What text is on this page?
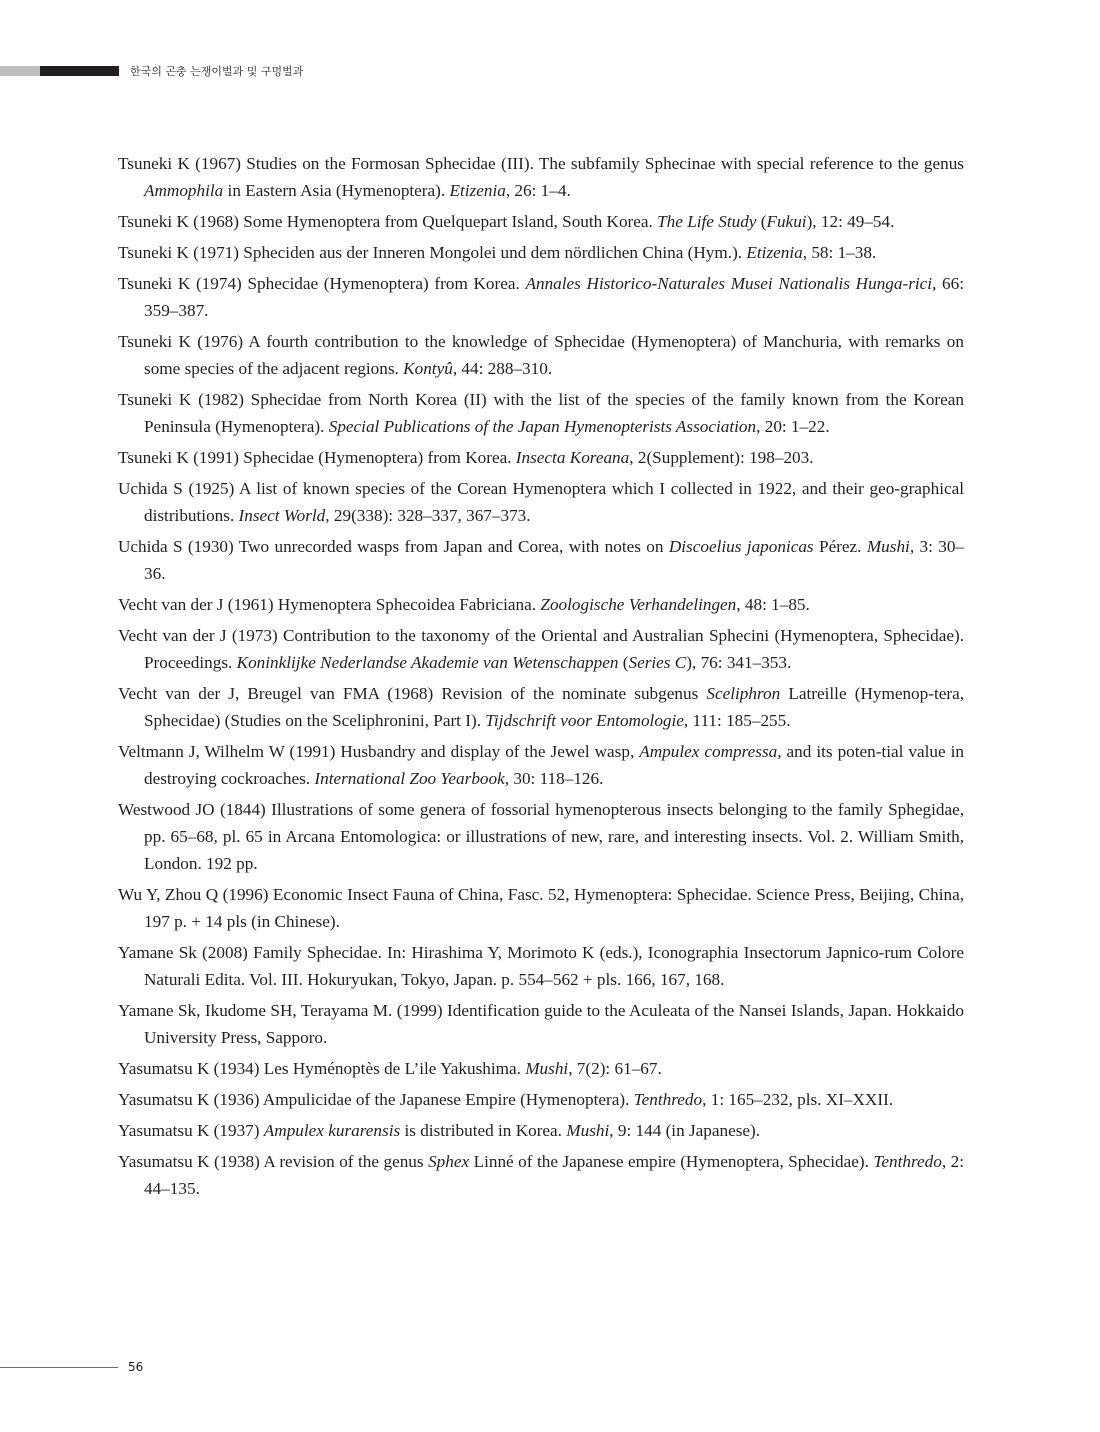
한국의 곤충 는쟁이벌과 및 구멍벌과

Tsuneki K (1967) Studies on the Formosan Sphecidae (III). The subfamily Sphecinae with special reference to the genus Ammophila in Eastern Asia (Hymenoptera). Etizenia, 26: 1–4.

Tsuneki K (1968) Some Hymenoptera from Quelquepart Island, South Korea. The Life Study (Fukui), 12: 49–54.

Tsuneki K (1971) Spheciden aus der Inneren Mongolei und dem nördlichen China (Hym.). Etizenia, 58: 1–38.

Tsuneki K (1974) Sphecidae (Hymenoptera) from Korea. Annales Historico-Naturales Musei Nationalis Hunga-rici, 66: 359–387.

Tsuneki K (1976) A fourth contribution to the knowledge of Sphecidae (Hymenoptera) of Manchuria, with remarks on some species of the adjacent regions. Kontyû, 44: 288–310.

Tsuneki K (1982) Sphecidae from North Korea (II) with the list of the species of the family known from the Korean Peninsula (Hymenoptera). Special Publications of the Japan Hymenopterists Association, 20: 1–22.

Tsuneki K (1991) Sphecidae (Hymenoptera) from Korea. Insecta Koreana, 2(Supplement): 198–203.

Uchida S (1925) A list of known species of the Corean Hymenoptera which I collected in 1922, and their geo-graphical distributions. Insect World, 29(338): 328–337, 367–373.

Uchida S (1930) Two unrecorded wasps from Japan and Corea, with notes on Discoelius japonicas Pérez. Mushi, 3: 30–36.

Vecht van der J (1961) Hymenoptera Sphecoidea Fabriciana. Zoologische Verhandelingen, 48: 1–85.

Vecht van der J (1973) Contribution to the taxonomy of the Oriental and Australian Sphecini (Hymenoptera, Sphecidae). Proceedings. Koninklijke Nederlandse Akademie van Wetenschappen (Series C), 76: 341–353.

Vecht van der J, Breugel van FMA (1968) Revision of the nominate subgenus Sceliphron Latreille (Hymenop-tera, Sphecidae) (Studies on the Sceliphronini, Part I). Tijdschrift voor Entomologie, 111: 185–255.

Veltmann J, Wilhelm W (1991) Husbandry and display of the Jewel wasp, Ampulex compressa, and its poten-tial value in destroying cockroaches. International Zoo Yearbook, 30: 118–126.

Westwood JO (1844) Illustrations of some genera of fossorial hymenopterous insects belonging to the family Sphegidae, pp. 65–68, pl. 65 in Arcana Entomologica: or illustrations of new, rare, and interesting insects. Vol. 2. William Smith, London. 192 pp.

Wu Y, Zhou Q (1996) Economic Insect Fauna of China, Fasc. 52, Hymenoptera: Sphecidae. Science Press, Beijing, China, 197 p. + 14 pls (in Chinese).

Yamane Sk (2008) Family Sphecidae. In: Hirashima Y, Morimoto K (eds.), Iconographia Insectorum Japnico-rum Colore Naturali Edita. Vol. III. Hokuryukan, Tokyo, Japan. p. 554–562 + pls. 166, 167, 168.

Yamane Sk, Ikudome SH, Terayama M. (1999) Identification guide to the Aculeata of the Nansei Islands, Japan. Hokkaido University Press, Sapporo.

Yasumatsu K (1934) Les Hyménoptès de L’ile Yakushima. Mushi, 7(2): 61–67.

Yasumatsu K (1936) Ampulicidae of the Japanese Empire (Hymenoptera). Tenthredo, 1: 165–232, pls. XI–XXII.

Yasumatsu K (1937) Ampulex kurarensis is distributed in Korea. Mushi, 9: 144 (in Japanese).

Yasumatsu K (1938) A revision of the genus Sphex Linné of the Japanese empire (Hymenoptera, Sphecidae). Tenthredo, 2: 44–135.

56
